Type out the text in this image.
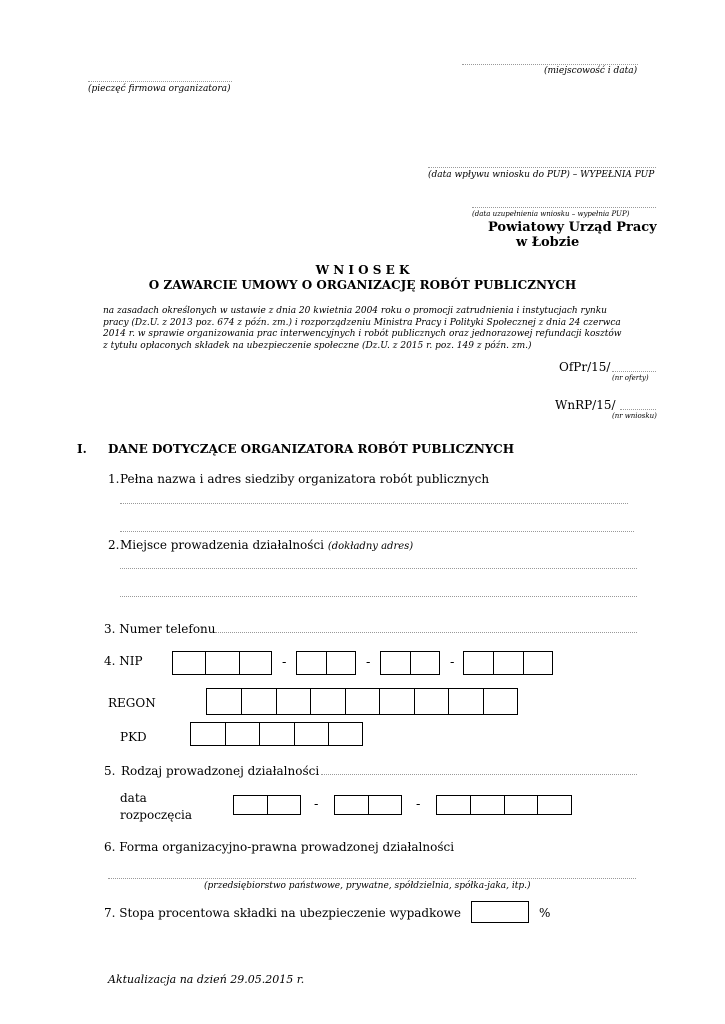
(miejscowość i data)
(pieczęć firmowa organizatora)
(data wpływu wniosku do PUP) – WYPEŁNIA PUP
(data uzupełnienia wniosku – wypełnia PUP)
Powiatowy Urząd Pracy
w Łobzie
W N I O S E K
O ZAWARCIE UMOWY O ORGANIZACJĘ ROBÓT PUBLICZNYCH
na zasadach określonych w ustawie z dnia 20 kwietnia 2004 roku o promocji zatrudnienia i instytucjach rynku
pracy (Dz.U. z 2013 poz. 674 z późn. zm.) i rozporządzeniu Ministra Pracy i Polityki Społecznej z dnia 24 czerwca
2014 r. w sprawie organizowania prac interwencyjnych i robót publicznych oraz jednorazowej refundacji kosztów
z tytułu opłaconych składek na ubezpieczenie społeczne (Dz.U. z 2015 r. poz. 149 z późn. zm.)
OfPr/15/
(nr oferty)
WnRP/15/
(nr wniosku)
I. DANE DOTYCZĄCE ORGANIZATORA ROBÓT PUBLICZNYCH
1. Pełna nazwa i adres siedziby organizatora robót publicznych
2. Miejsce prowadzenia działalności (dokładny adres)
3. Numer telefonu
4. NIP	-	-	-
REGON
PKD
5. Rodzaj prowadzonej działalności
data
rozpoczęcia
-	-
6. Forma organizacyjno-prawna prowadzonej działalności
(przedsiębiorstwo państwowe, prywatne, spółdzielnia, spółka-jaka, itp.)
7. Stopa procentowa składki na ubezpieczenie wypadkowe	%
Aktualizacja na dzień 29.05.2015 r.
